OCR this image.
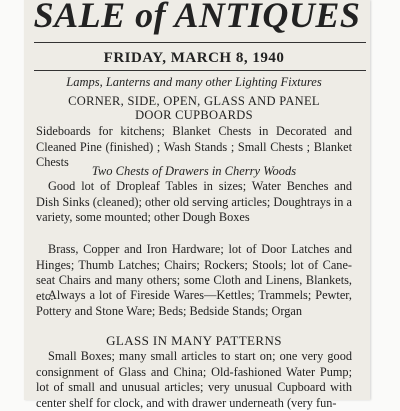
SALE of ANTIQUES
FRIDAY, MARCH 8, 1940

Lamps, Lanterns and many other Lighting Fixtures

CORNER, SIDE, OPEN, GLASS AND PANEL

DOOR CUPBOARDS

Sideboards for kitchens; Blanket Chests in Decorated and Cleaned Pine (finished) ; Wash Stands ; Small Chests ; Blanket Chests

Two Chests of Drawers in Cherry Woods

Good lot of Dropleaf Tables in sizes; Water Benches and Dish Sinks (cleaned); other old serving articles; Doughtrays in a variety, some mounted; other Dough Boxes

Brass, Copper and Iron Hardware; lot of Door Latches and Hinges; Thumb Latches; Chairs; Rockers; Stools; lot of Cane-seat Chairs and many others; some Cloth and Linens, Blankets, etc.

Always a lot of Fireside Wares—Kettles; Trammels; Pewter, Pottery and Stone Ware; Beds; Bedside Stands; Organ

GLASS IN MANY PATTERNS

Small Boxes; many small articles to start on; one very good consignment of Glass and China; Old-fashioned Water Pump; lot of small and unusual articles; very unusual Cupboard with center shelf for clock, and with drawer underneath (very fun-
